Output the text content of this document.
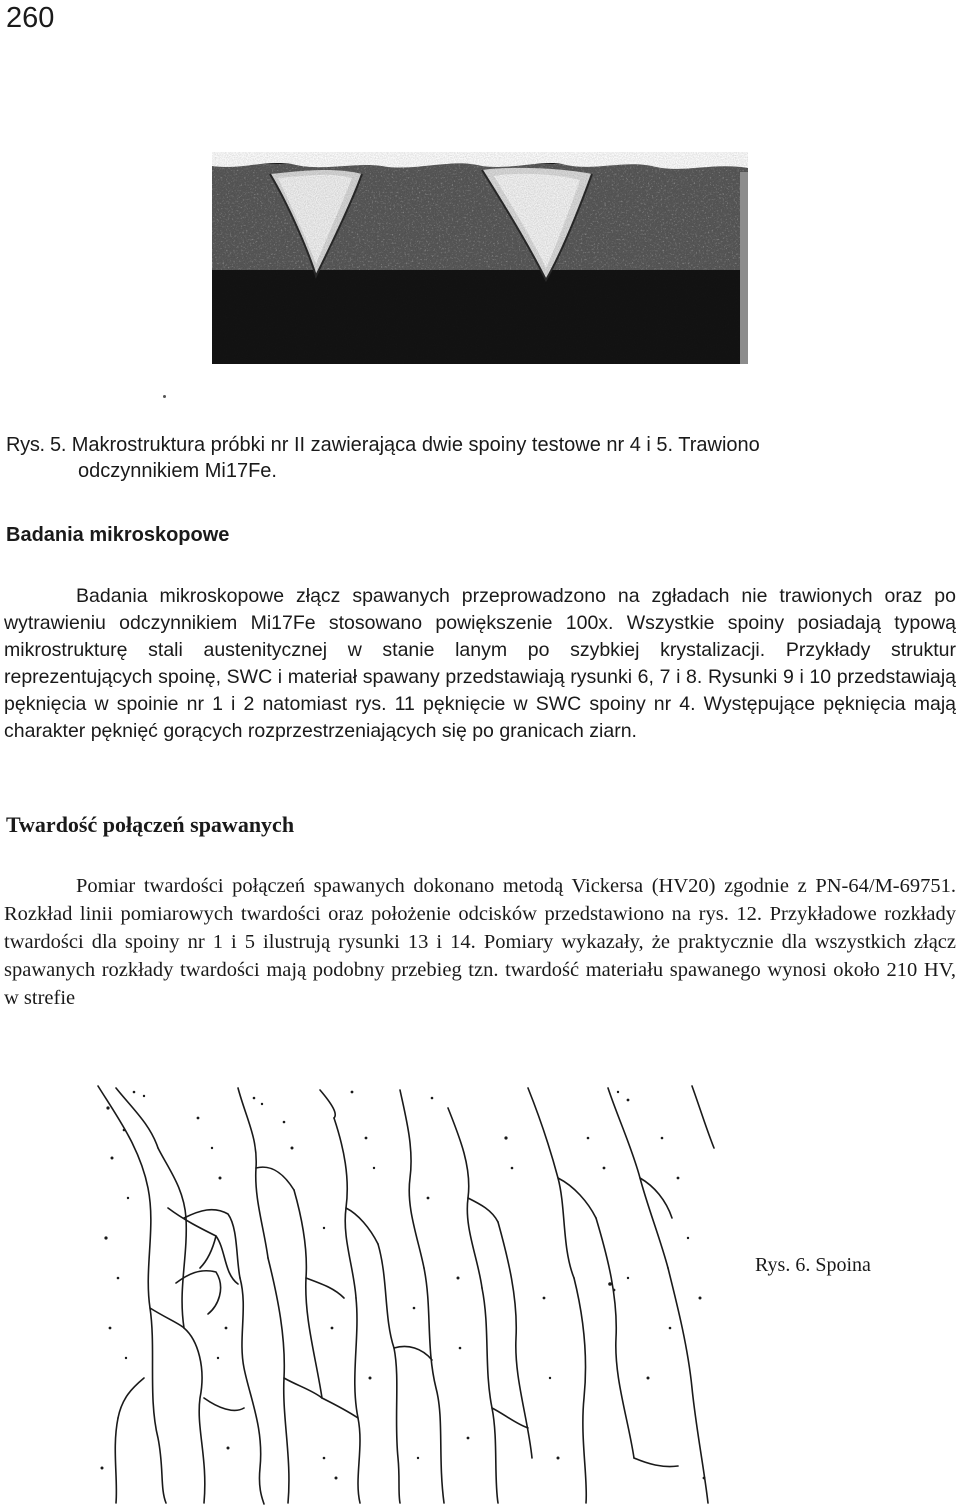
260
Rys. 5. Makrostruktura próbki nr II zawierająca dwie spoiny testowe nr 4 i 5. Trawiono
odczynnikiem Mi17Fe.
Badania mikroskopowe
Badania mikroskopowe złącz spawanych przeprowadzono na zgładach nie trawionych oraz po wytrawieniu odczynnikiem Mi17Fe stosowano powiększenie 100x. Wszystkie spoiny posiadają typową mikrostrukturę stali austenitycznej w stanie lanym po szybkiej krystalizacji. Przykłady struktur reprezentujących spoinę, SWC i materiał spawany przedstawiają rysunki 6, 7 i 8. Rysunki 9 i 10 przedstawiają pęknięcia w spoinie nr 1 i 2 natomiast rys. 11 pęknięcie w SWC spoiny nr 4. Występujące pęknięcia mają charakter pęknięć gorących rozprzestrzeniających się po granicach ziarn.
Twardość połączeń spawanych
Pomiar twardości połączeń spawanych dokonano metodą Vickersa (HV20) zgodnie z PN-64/M-69751. Rozkład linii pomiarowych twardości oraz położenie odcisków przedstawiono na rys. 12. Przykładowe rozkłady twardości dla spoiny nr 1 i 5 ilustrują rysunki 13 i 14. Pomiary wykazały, że praktycznie dla wszystkich złącz spawanych rozkłady twardości mają podobny przebieg tzn. twardość materiału spawanego wynosi około 210 HV, w strefie
Rys. 6. Spoina
